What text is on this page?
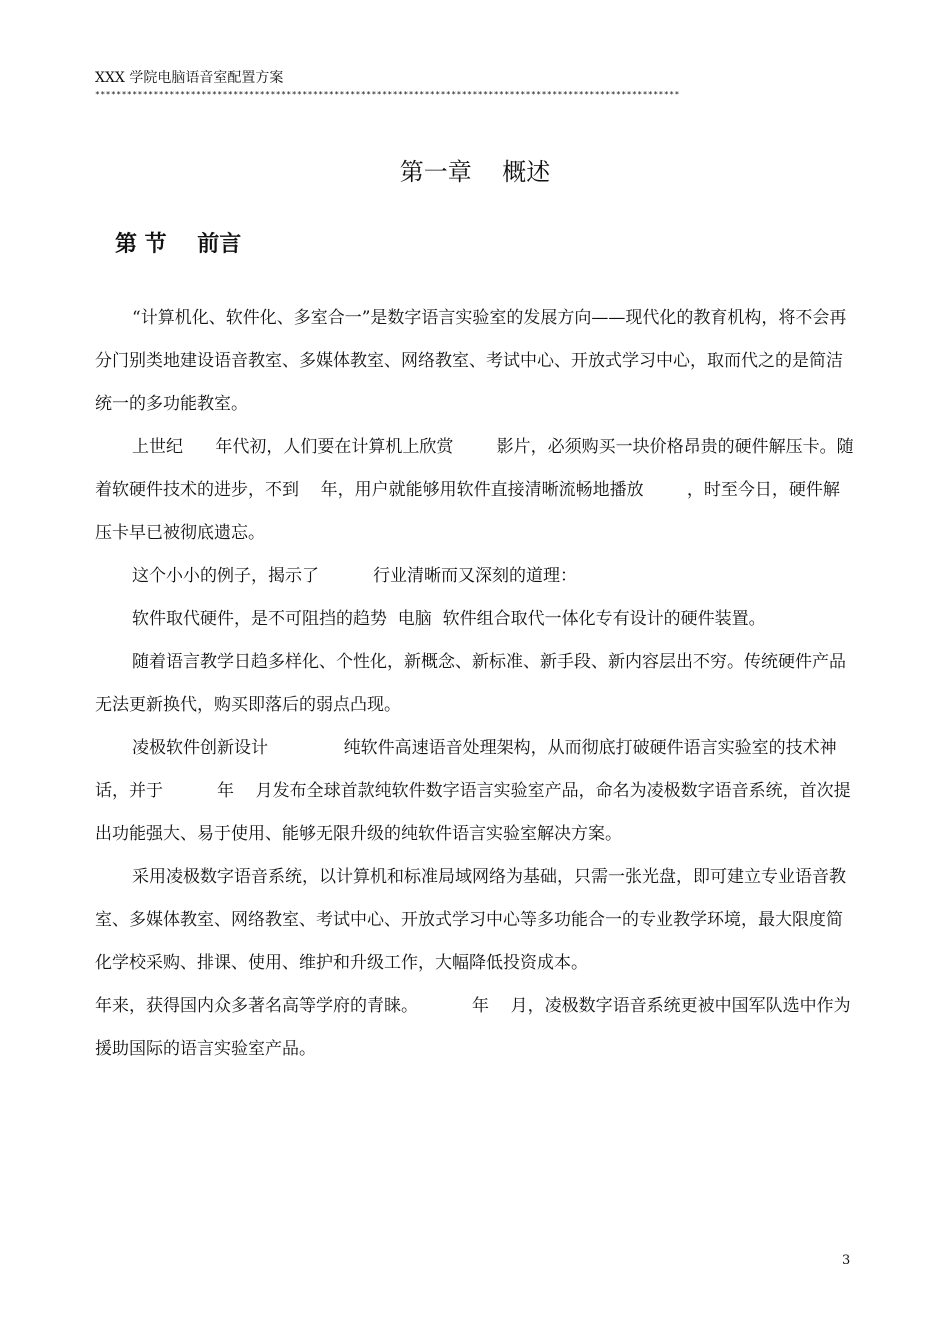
XXX 学院电脑语音室配置方案
**************************************************************************************************************
第一章    概述
第 节    前言

“计算机化、软件化、多室合一”是数字语言实验室的发展方向——现代化的教育机构，将不会再分门别类地建设语音教室、多媒体教室、网络教室、考试中心、开放式学习中心，取而代之的是简洁统一的多功能教室。

上世纪      年代初，人们要在计算机上欣赏        影片，必须购买一块价格昂贵的硬件解压卡。随着软硬件技术的进步，不到    年，用户就能够用软件直接清晰流畅地播放        ，时至今日，硬件解压卡早已被彻底遗忘。

这个小小的例子，揭示了          行业清晰而又深刻的道理：

软件取代硬件，是不可阻挡的趋势  电脑  软件组合取代一体化专有设计的硬件装置。

随着语言教学日趋多样化、个性化，新概念、新标准、新手段、新内容层出不穷。传统硬件产品无法更新换代，购买即落后的弱点凸现。

凌极软件创新设计              纯软件高速语音处理架构，从而彻底打破硬件语言实验室的技术神话，并于          年    月发布全球首款纯软件数字语言实验室产品，命名为凌极数字语音系统，首次提出功能强大、易于使用、能够无限升级的纯软件语言实验室解决方案。

采用凌极数字语音系统，以计算机和标准局域网络为基础，只需一张光盘，即可建立专业语音教室、多媒体教室、网络教室、考试中心、开放式学习中心等多功能合一的专业教学环境，最大限度简化学校采购、排课、使用、维护和升级工作，大幅降低投资成本。

年来，获得国内众多著名高等学府的青睐。          年    月，凌极数字语音系统更被中国军队选中作为援助国际的语言实验室产品。

3
